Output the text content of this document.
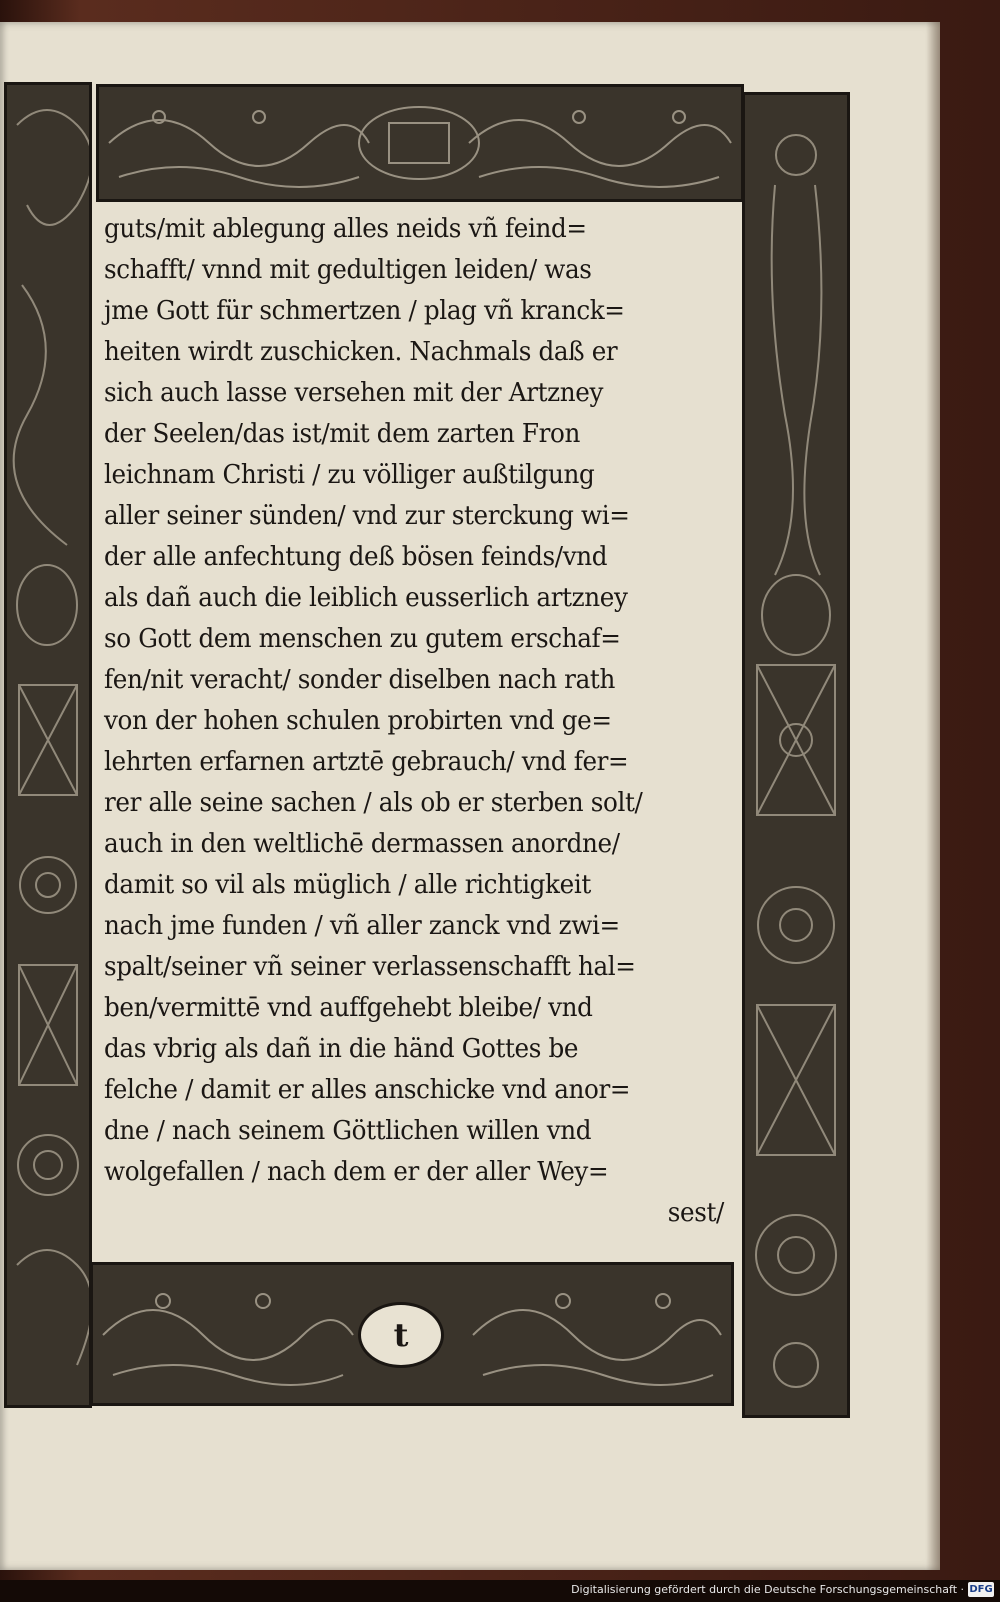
t
guts/mit ablegung alles neids vñ feind=
schafft/ vnnd mit gedultigen leiden/ was
jme Gott für schmertzen / plag vñ kranck=
heiten wirdt zuschicken. Nachmals daß er
sich auch lasse versehen mit der Artzney
der Seelen/das ist/mit dem zarten Fron
leichnam Christi / zu völliger außtilgung
aller seiner sünden/ vnd zur sterckung wi=
der alle anfechtung deß bösen feinds/vnd
als dañ auch die leiblich eusserlich artzney
so Gott dem menschen zu gutem erschaf=
fen/nit veracht/ sonder diselben nach rath
von der hohen schulen probirten vnd ge=
lehrten erfarnen artztē gebrauch/ vnd fer=
rer alle seine sachen / als ob er sterben solt/
auch in den weltlichē dermassen anordne/
damit so vil als müglich / alle richtigkeit
nach jme funden / vñ aller zanck vnd zwi=
spalt/seiner vñ seiner verlassenschafft hal=
ben/vermittē vnd auffgehebt bleibe/ vnd
das vbrig als dañ in die händ Gottes be
felche / damit er alles anschicke vnd anor=
dne / nach seinem Göttlichen willen vnd
wolgefallen / nach dem er der aller Wey=
sest/
Digitalisierung gefördert durch die Deutsche Forschungsgemeinschaft · DFG
